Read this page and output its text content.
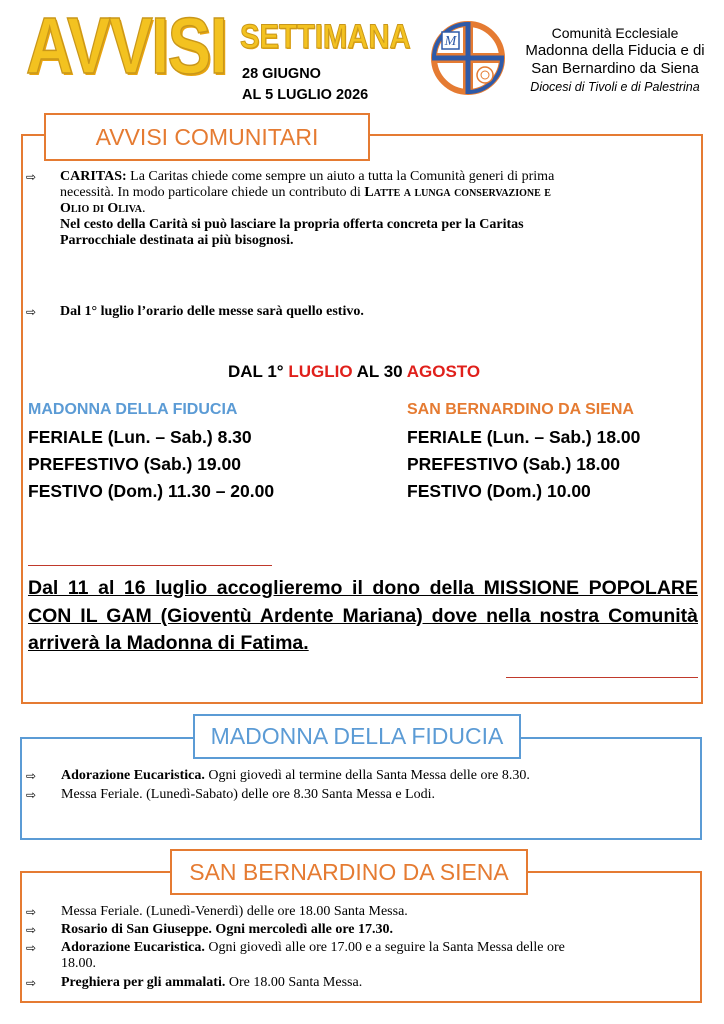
AVVISI SETTIMANA
28 GIUGNO
AL 5 LUGLIO 2026
M
Comunità Ecclesiale
Madonna della Fiducia e di
San Bernardino da Siena
Diocesi di Tivoli e di Palestrina
AVVISI COMUNITARI
⇨ CARITAS: La Caritas chiede come sempre un aiuto a tutta la Comunità generi di prima
necessità. In modo particolare chiede un contributo di Latte a lunga conservazione e
Olio di Oliva.
Nel cesto della Carità si può lasciare la propria offerta concreta per la Caritas
Parrocchiale destinata ai più bisognosi.
⇨ Dal 1° luglio l’orario delle messe sarà quello estivo.
DAL 1° LUGLIO AL 30 AGOSTO
MADONNA DELLA FIDUCIA
FERIALE (Lun. – Sab.) 8.30
PREFESTIVO (Sab.) 19.00
FESTIVO (Dom.) 11.30 – 20.00
SAN BERNARDINO DA SIENA
FERIALE (Lun. – Sab.) 18.00
PREFESTIVO (Sab.) 18.00
FESTIVO (Dom.) 10.00
Dal 11 al 16 luglio accoglieremo il dono della MISSIONE POPOLARE CON IL GAM (Gioventù Ardente Mariana) dove nella nostra Comunità arriverà la Madonna di Fatima.
MADONNA DELLA FIDUCIA
⇨ Adorazione Eucaristica. Ogni giovedì al termine della Santa Messa delle ore 8.30.
⇨ Messa Feriale. (Lunedì-Sabato) delle ore 8.30 Santa Messa e Lodi.
SAN BERNARDINO DA SIENA
⇨ Messa Feriale. (Lunedì-Venerdì) delle ore 18.00 Santa Messa.
⇨ Rosario di San Giuseppe. Ogni mercoledì alle ore 17.30.
⇨ Adorazione Eucaristica. Ogni giovedì alle ore 17.00 e a seguire la Santa Messa delle ore
18.00.
⇨ Preghiera per gli ammalati. Ore 18.00 Santa Messa.
